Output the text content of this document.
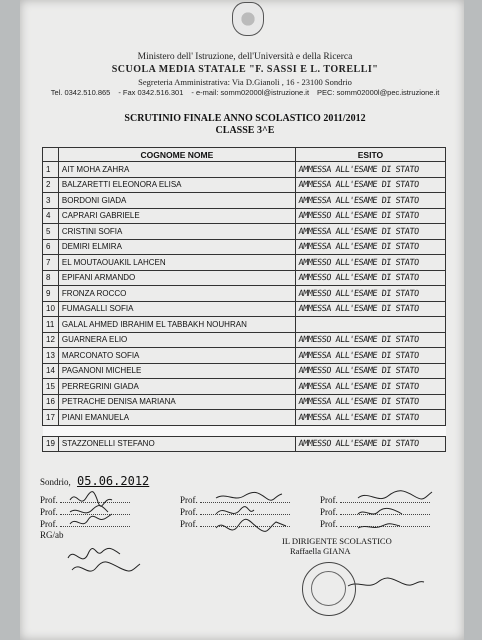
Ministero dell' Istruzione, dell'Università e della Ricerca
SCUOLA MEDIA STATALE "F. SASSI E L. TORELLI"
Segreteria Amministrativa: Via D.Gianoli , 16 - 23100 Sondrio
Tel. 0342.510.865 - Fax 0342.516.301 - e-mail: somm02000l@istruzione.it PEC: somm02000l@pec.istruzione.it
SCRUTINIO FINALE ANNO SCOLASTICO 2011/2012
CLASSE 3^E
	COGNOME NOME	ESITO
1	AIT MOHA ZAHRA	AMMESSA ALL'ESAME DI STATO
2	BALZARETTI ELEONORA ELISA	AMMESSA ALL'ESAME DI STATO
3	BORDONI GIADA	AMMESSA ALL'ESAME DI STATO
4	CAPRARI GABRIELE	AMMESSO ALL'ESAME DI STATO
5	CRISTINI SOFIA	AMMESSA ALL'ESAME DI STATO
6	DEMIRI ELMIRA	AMMESSA ALL'ESAME DI STATO
7	EL MOUTAOUAKIL LAHCEN	AMMESSO ALL'ESAME DI STATO
8	EPIFANI ARMANDO	AMMESSO ALL'ESAME DI STATO
9	FRONZA ROCCO	AMMESSO ALL'ESAME DI STATO
10	FUMAGALLI SOFIA	AMMESSA ALL'ESAME DI STATO
11	GALAL AHMED IBRAHIM EL TABBAKH NOUHRAN	
12	GUARNERA ELIO	AMMESSO ALL'ESAME DI STATO
13	MARCONATO SOFIA	AMMESSA ALL'ESAME DI STATO
14	PAGANONI MICHELE	AMMESSO ALL'ESAME DI STATO
15	PERREGRINI GIADA	AMMESSA ALL'ESAME DI STATO
16	PETRACHE DENISA MARIANA	AMMESSA ALL'ESAME DI STATO
17	PIANI EMANUELA	AMMESSA ALL'ESAME DI STATO

19	STAZZONELLI STEFANO	AMMESSO ALL'ESAME DI STATO
Sondrio, 05.06.2012
Prof.
Prof.
Prof.
RG/ab
Prof.
Prof.
Prof.
Prof.
Prof.
Prof.
IL DIRIGENTE SCOLASTICO
Raffaella GIANA
